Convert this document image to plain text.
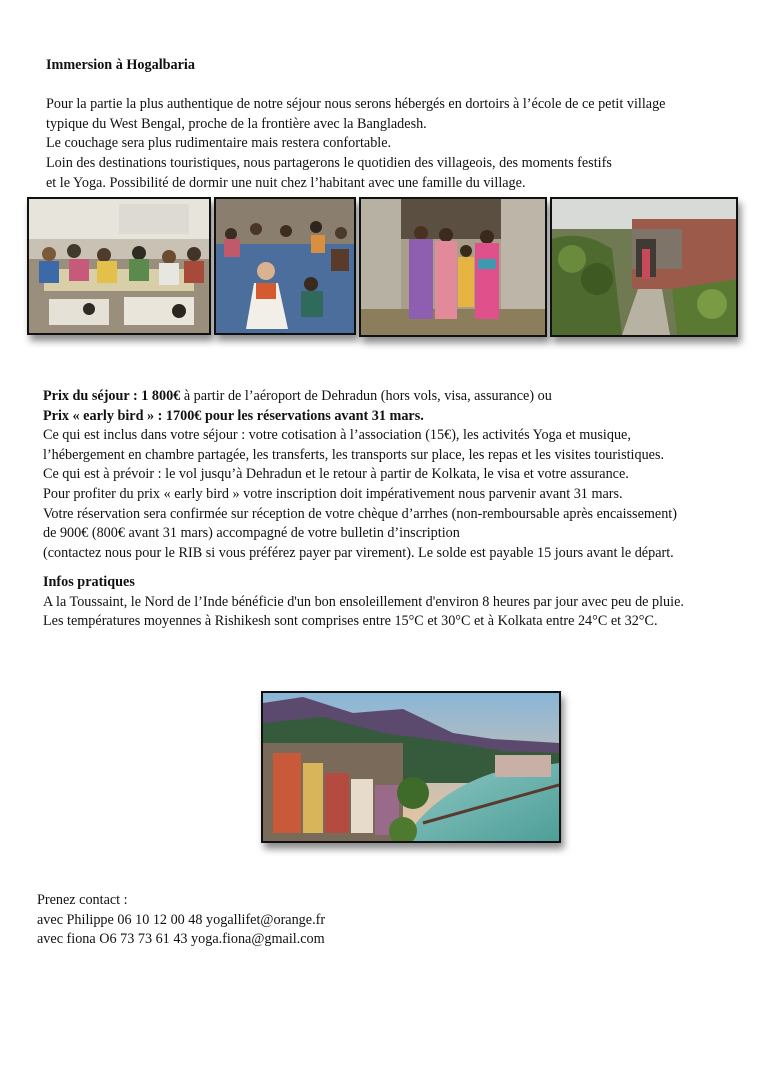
Immersion à Hogalbaria
Pour la partie la plus authentique de notre séjour nous serons hébergés en dortoirs à l’école de ce petit village
typique du West Bengal, proche de la frontière avec la Bangladesh.
Le couchage sera plus rudimentaire mais restera confortable.
Loin des destinations touristiques, nous partagerons le quotidien des villageois, des moments festifs
et le Yoga. Possibilité de dormir une nuit chez l’habitant avec une famille du village.
Prix du séjour : 1 800€ à partir de l’aéroport de Dehradun (hors vols, visa, assurance) ou
Prix « early bird » : 1700€ pour les réservations avant 31 mars.
Ce qui est inclus dans votre séjour : votre cotisation à l’association (15€), les activités Yoga et musique,
l’hébergement en chambre partagée, les transferts, les transports sur place, les repas et les visites touristiques.
Ce qui est à prévoir : le vol jusqu’à Dehradun et le retour à partir de Kolkata, le visa et votre assurance.
Pour profiter du prix « early bird » votre inscription doit impérativement nous parvenir avant 31 mars.
Votre réservation sera confirmée sur réception de votre chèque d’arrhes (non-remboursable après encaissement)
de 900€ (800€ avant 31 mars) accompagné de votre bulletin d’inscription
(contactez nous pour le RIB si vous préférez payer par virement). Le solde est payable 15 jours avant le départ.
Infos pratiques
A la Toussaint, le Nord de l’Inde bénéficie d'un bon ensoleillement d'environ 8 heures par jour avec peu de pluie.
Les températures moyennes à Rishikesh sont comprises entre 15°C et 30°C et à Kolkata entre 24°C et 32°C.
Prenez contact :
avec Philippe 06 10 12 00 48 yogallifet@orange.fr
avec fiona O6 73 73 61 43 yoga.fiona@gmail.com
